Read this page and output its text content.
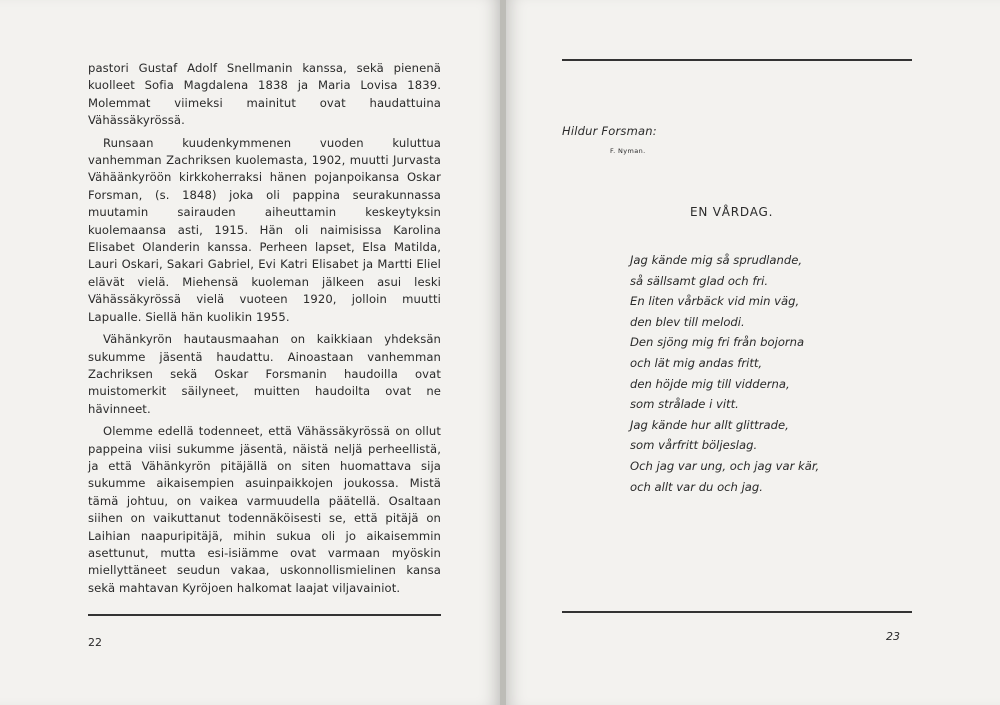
pastori Gustaf Adolf Snellmanin kanssa, sekä pienenä kuolleet Sofia Magdalena 1838 ja Maria Lovisa 1839. Molemmat viimeksi mainitut ovat haudattuina Vähässäkyrössä.

Runsaan kuudenkymmenen vuoden kuluttua vanhemman Zachriksen kuolemasta, 1902, muutti Jurvasta Vähäänkyröön kirkkoherraksi hänen pojanpoikansa Oskar Forsman, (s. 1848) joka oli pappina seurakunnassa muutamin sairauden aiheuttamin keskeytyksin kuolemaansa asti, 1915. Hän oli naimisissa Karolina Elisabet Olanderin kanssa. Perheen lapset, Elsa Matilda, Lauri Oskari, Sakari Gabriel, Evi Katri Elisabet ja Martti Eliel elävät vielä. Miehensä kuoleman jälkeen asui leski Vähässäkyrössä vielä vuoteen 1920, jolloin muutti Lapualle. Siellä hän kuolikin 1955.

Vähänkyrön hautausmaahan on kaikkiaan yhdeksän sukumme jäsentä haudattu. Ainoastaan vanhemman Zachriksen sekä Oskar Forsmanin haudoilla ovat muistomerkit säilyneet, muitten haudoilta ovat ne hävinneet.

Olemme edellä todenneet, että Vähässäkyrössä on ollut pappeina viisi sukumme jäsentä, näistä neljä perheellistä, ja että Vähänkyrön pitäjällä on siten huomattava sija sukumme aikaisempien asuinpaikkojen joukossa. Mistä tämä johtuu, on vaikea varmuudella päätellä. Osaltaan siihen on vaikuttanut todennäköisesti se, että pitäjä on Laihian naapuripitäjä, mihin sukua oli jo aikaisemmin asettunut, mutta esi-isiämme ovat varmaan myöskin miellyttäneet seudun vakaa, uskonnollismielinen kansa sekä mahtavan Kyröjoen halkomat laajat viljavainiot.

22
Hildur Forsman:
F. Nyman.
EN VÅRDAG.
Jag kände mig så sprudlande,
så sällsamt glad och fri.
En liten vårbäck vid min väg,
den blev till melodi.
Den sjöng mig fri från bojorna
och lät mig andas fritt,
den höjde mig till vidderna,
som strålade i vitt.
Jag kände hur allt glittrade,
som vårfritt böljeslag.
Och jag var ung, och jag var kär,
och allt var du och jag.
23
